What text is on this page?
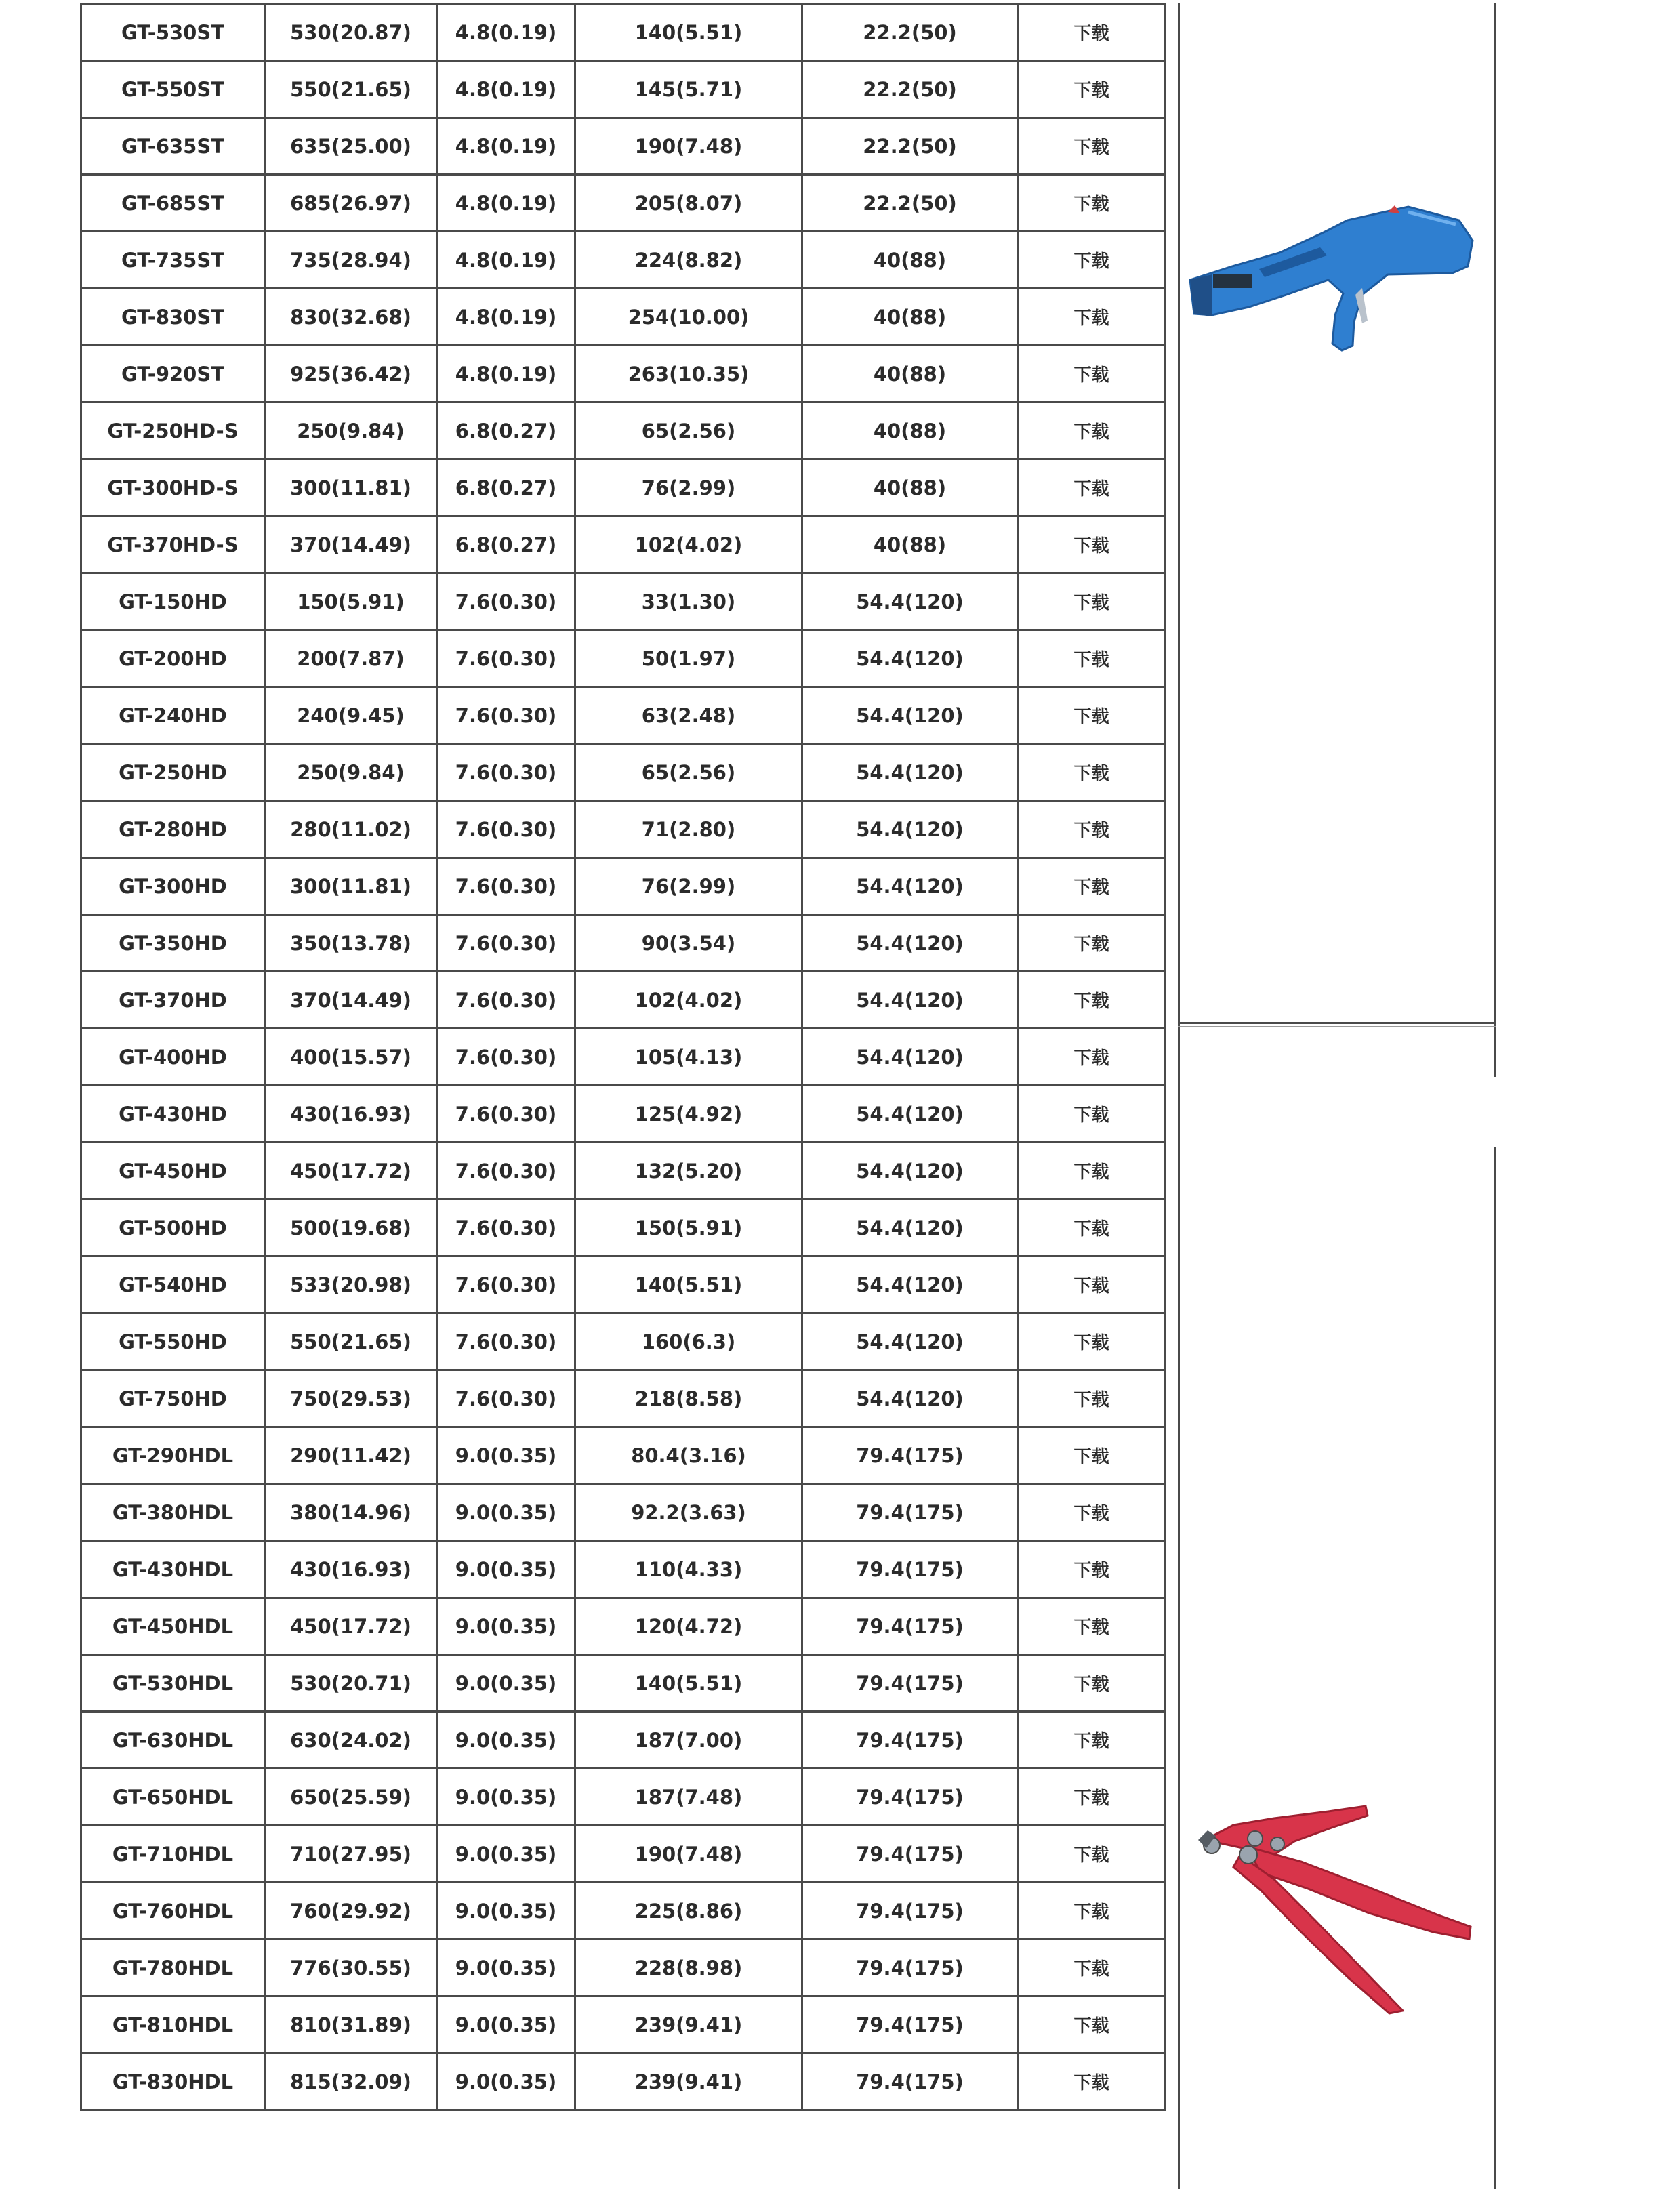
GT-530ST	530(20.87)	4.8(0.19)	140(5.51)	22.2(50)	下载
GT-550ST	550(21.65)	4.8(0.19)	145(5.71)	22.2(50)	下载
GT-635ST	635(25.00)	4.8(0.19)	190(7.48)	22.2(50)	下载
GT-685ST	685(26.97)	4.8(0.19)	205(8.07)	22.2(50)	下载
GT-735ST	735(28.94)	4.8(0.19)	224(8.82)	40(88)	下载
GT-830ST	830(32.68)	4.8(0.19)	254(10.00)	40(88)	下载
GT-920ST	925(36.42)	4.8(0.19)	263(10.35)	40(88)	下载
GT-250HD-S	250(9.84)	6.8(0.27)	65(2.56)	40(88)	下载
GT-300HD-S	300(11.81)	6.8(0.27)	76(2.99)	40(88)	下载
GT-370HD-S	370(14.49)	6.8(0.27)	102(4.02)	40(88)	下载
GT-150HD	150(5.91)	7.6(0.30)	33(1.30)	54.4(120)	下载
GT-200HD	200(7.87)	7.6(0.30)	50(1.97)	54.4(120)	下载
GT-240HD	240(9.45)	7.6(0.30)	63(2.48)	54.4(120)	下载
GT-250HD	250(9.84)	7.6(0.30)	65(2.56)	54.4(120)	下载
GT-280HD	280(11.02)	7.6(0.30)	71(2.80)	54.4(120)	下载
GT-300HD	300(11.81)	7.6(0.30)	76(2.99)	54.4(120)	下载
GT-350HD	350(13.78)	7.6(0.30)	90(3.54)	54.4(120)	下载
GT-370HD	370(14.49)	7.6(0.30)	102(4.02)	54.4(120)	下载
GT-400HD	400(15.57)	7.6(0.30)	105(4.13)	54.4(120)	下载
GT-430HD	430(16.93)	7.6(0.30)	125(4.92)	54.4(120)	下载
GT-450HD	450(17.72)	7.6(0.30)	132(5.20)	54.4(120)	下载
GT-500HD	500(19.68)	7.6(0.30)	150(5.91)	54.4(120)	下载
GT-540HD	533(20.98)	7.6(0.30)	140(5.51)	54.4(120)	下载
GT-550HD	550(21.65)	7.6(0.30)	160(6.3)	54.4(120)	下载
GT-750HD	750(29.53)	7.6(0.30)	218(8.58)	54.4(120)	下载
GT-290HDL	290(11.42)	9.0(0.35)	80.4(3.16)	79.4(175)	下载
GT-380HDL	380(14.96)	9.0(0.35)	92.2(3.63)	79.4(175)	下载
GT-430HDL	430(16.93)	9.0(0.35)	110(4.33)	79.4(175)	下载
GT-450HDL	450(17.72)	9.0(0.35)	120(4.72)	79.4(175)	下载
GT-530HDL	530(20.71)	9.0(0.35)	140(5.51)	79.4(175)	下载
GT-630HDL	630(24.02)	9.0(0.35)	187(7.00)	79.4(175)	下载
GT-650HDL	650(25.59)	9.0(0.35)	187(7.48)	79.4(175)	下载
GT-710HDL	710(27.95)	9.0(0.35)	190(7.48)	79.4(175)	下载
GT-760HDL	760(29.92)	9.0(0.35)	225(8.86)	79.4(175)	下载
GT-780HDL	776(30.55)	9.0(0.35)	228(8.98)	79.4(175)	下载
GT-810HDL	810(31.89)	9.0(0.35)	239(9.41)	79.4(175)	下载
GT-830HDL	815(32.09)	9.0(0.35)	239(9.41)	79.4(175)	下载
